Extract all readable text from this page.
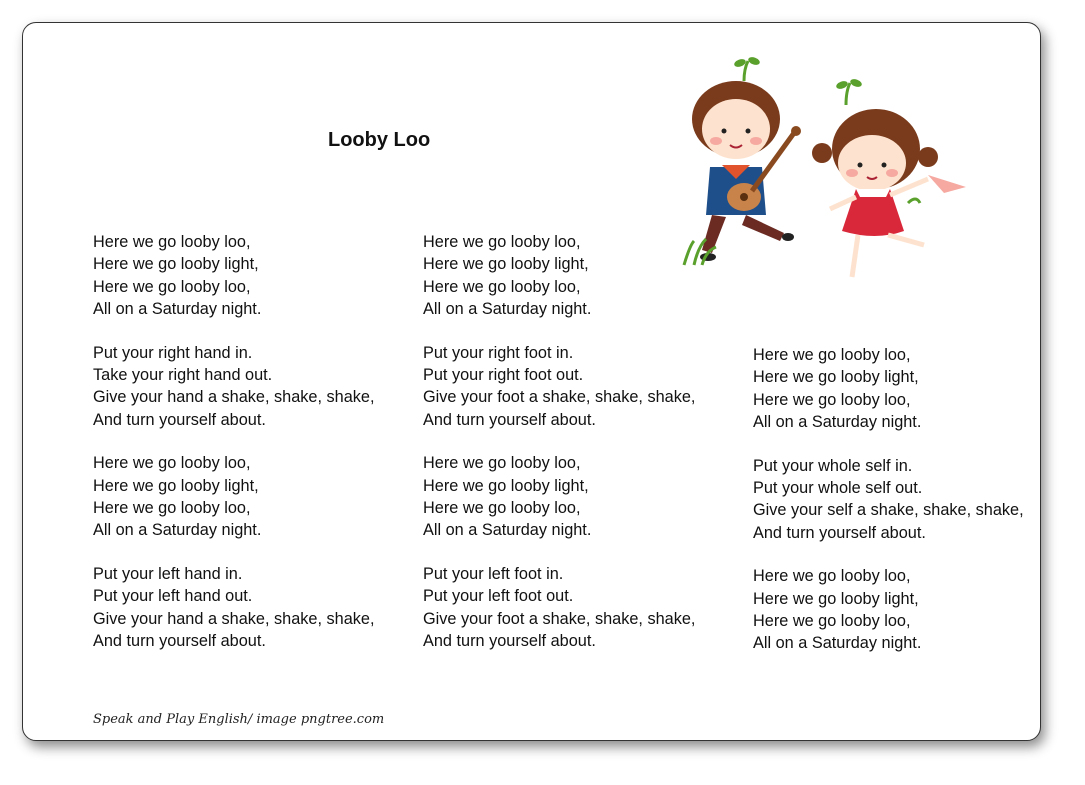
Looby Loo
Here we go looby loo,
Here we go looby light,
Here we go looby loo,
All on a Saturday night.
Put your right hand in.
Take your right hand out.
Give your hand a shake, shake, shake,
And turn yourself about.
Here we go looby loo,
Here we go looby light,
Here we go looby loo,
All on a Saturday night.
Put your left hand in.
Put your left hand out.
Give your hand a shake, shake, shake,
And turn yourself about.
Here we go looby loo,
Here we go looby light,
Here we go looby loo,
All on a Saturday night.
Put your right foot in.
Put your right foot out.
Give your foot a shake, shake, shake,
And turn yourself about.
Here we go looby loo,
Here we go looby light,
Here we go looby loo,
All on a Saturday night.
Put your left foot in.
Put your left foot out.
Give your foot a shake, shake, shake,
And turn yourself about.
Here we go looby loo,
Here we go looby light,
Here we go looby loo,
All on a Saturday night.
Put your whole self in.
Put your whole self out.
Give your self a shake, shake, shake,
And turn yourself about.
Here we go looby loo,
Here we go looby light,
Here we go looby loo,
All on a Saturday night.
Speak and Play English/ image pngtree.com
